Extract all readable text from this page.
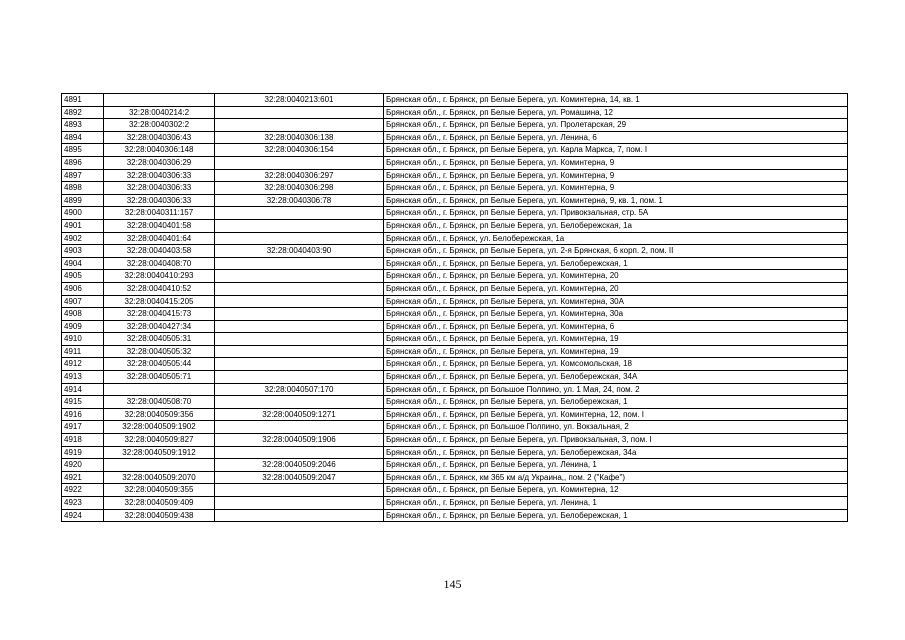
4891		32:28:0040213:601	Брянская обл., г. Брянск, рп Белые Берега, ул. Коминтерна, 14, кв. 1
4892	32:28:0040214:2		Брянская обл., г. Брянск, рп Белые Берега, ул. Ромашина, 12
4893	32:28:0040302:2		Брянская обл., г. Брянск, рп Белые Берега, ул. Пролетарская, 29
4894	32:28:0040306:43	32:28:0040306:138	Брянская обл., г. Брянск, рп Белые Берега, ул. Ленина, 6
4895	32:28:0040306:148	32:28:0040306:154	Брянская обл., г. Брянск, рп Белые Берега, ул. Карла Маркса, 7, пом. I
4896	32:28:0040306:29		Брянская обл., г. Брянск, рп Белые Берега, ул. Коминтерна, 9
4897	32:28:0040306:33	32:28:0040306:297	Брянская обл., г. Брянск, рп Белые Берега, ул. Коминтерна, 9
4898	32:28:0040306:33	32:28:0040306:298	Брянская обл., г. Брянск, рп Белые Берега, ул. Коминтерна, 9
4899	32:28:0040306:33	32:28:0040306:78	Брянская обл., г. Брянск, рп Белые Берега, ул. Коминтерна, 9, кв. 1, пом. 1
4900	32:28:0040311:157		Брянская обл., г. Брянск, рп Белые Берега, ул. Привокзальная, стр. 5А
4901	32:28:0040401:58		Брянская обл., г. Брянск, рп Белые Берега, ул. Белобережская, 1а
4902	32:28:0040401:64		Брянская обл., г. Брянск, ул. Белобережская, 1а
4903	32:28:0040403:58	32:28:0040403:90	Брянская обл., г. Брянск, рп Белые Берега, ул. 2-я Брянская, 6 корп. 2, пом. II
4904	32:28:0040408:70		Брянская обл., г. Брянск, рп Белые Берега, ул. Белобережская, 1
4905	32:28:0040410:293		Брянская обл., г. Брянск, рп Белые Берега, ул. Коминтерна, 20
4906	32:28:0040410:52		Брянская обл., г. Брянск, рп Белые Берега, ул. Коминтерна, 20
4907	32:28:0040415:205		Брянская обл., г. Брянск, рп Белые Берега, ул. Коминтерна, 30А
4908	32:28:0040415:73		Брянская обл., г. Брянск, рп Белые Берега, ул. Коминтерна, 30а
4909	32:28:0040427:34		Брянская обл., г. Брянск, рп Белые Берега, ул. Коминтерна, 6
4910	32:28:0040505:31		Брянская обл., г. Брянск, рп Белые Берега, ул. Коминтерна, 19
4911	32:28:0040505:32		Брянская обл., г. Брянск, рп Белые Берега, ул. Коминтерна, 19
4912	32:28:0040505:44		Брянская обл., г. Брянск, рп Белые Берега, ул. Комсомольская, 18
4913	32:28:0040505:71		Брянская обл., г. Брянск, рп Белые Берега, ул. Белобережская, 34А
4914		32:28:0040507:170	Брянская обл., г. Брянск, рп Большое Полпино, ул. 1 Мая, 24, пом. 2
4915	32:28:0040508:70		Брянская обл., г. Брянск, рп Белые Берега, ул. Белобережская, 1
4916	32:28:0040509:356	32:28:0040509:1271	Брянская обл., г. Брянск, рп Белые Берега, ул. Коминтерна, 12, пом. I
4917	32:28:0040509:1902		Брянская обл., г. Брянск, рп Большое Полпино, ул. Вокзальная, 2
4918	32:28:0040509:827	32:28:0040509:1906	Брянская обл., г. Брянск, рп Белые Берега, ул. Привокзальная, 3, пом. I
4919	32:28:0040509:1912		Брянская обл., г. Брянск, рп Белые Берега, ул. Белобережская, 34а
4920		32:28:0040509:2046	Брянская обл., г. Брянск, рп Белые Берега, ул. Ленина, 1
4921	32:28:0040509:2070	32:28:0040509:2047	Брянская обл., г. Брянск, км 365 км а/д Украина,, пом. 2 ("Кафе")
4922	32:28:0040509:355		Брянская обл., г. Брянск, рп Белые Берега, ул. Коминтерна, 12
4923	32:28:0040509:409		Брянская обл., г. Брянск, рп Белые Берега, ул. Ленина, 1
4924	32:28:0040509:438		Брянская обл., г. Брянск, рп Белые Берега, ул. Белобережская, 1
145
